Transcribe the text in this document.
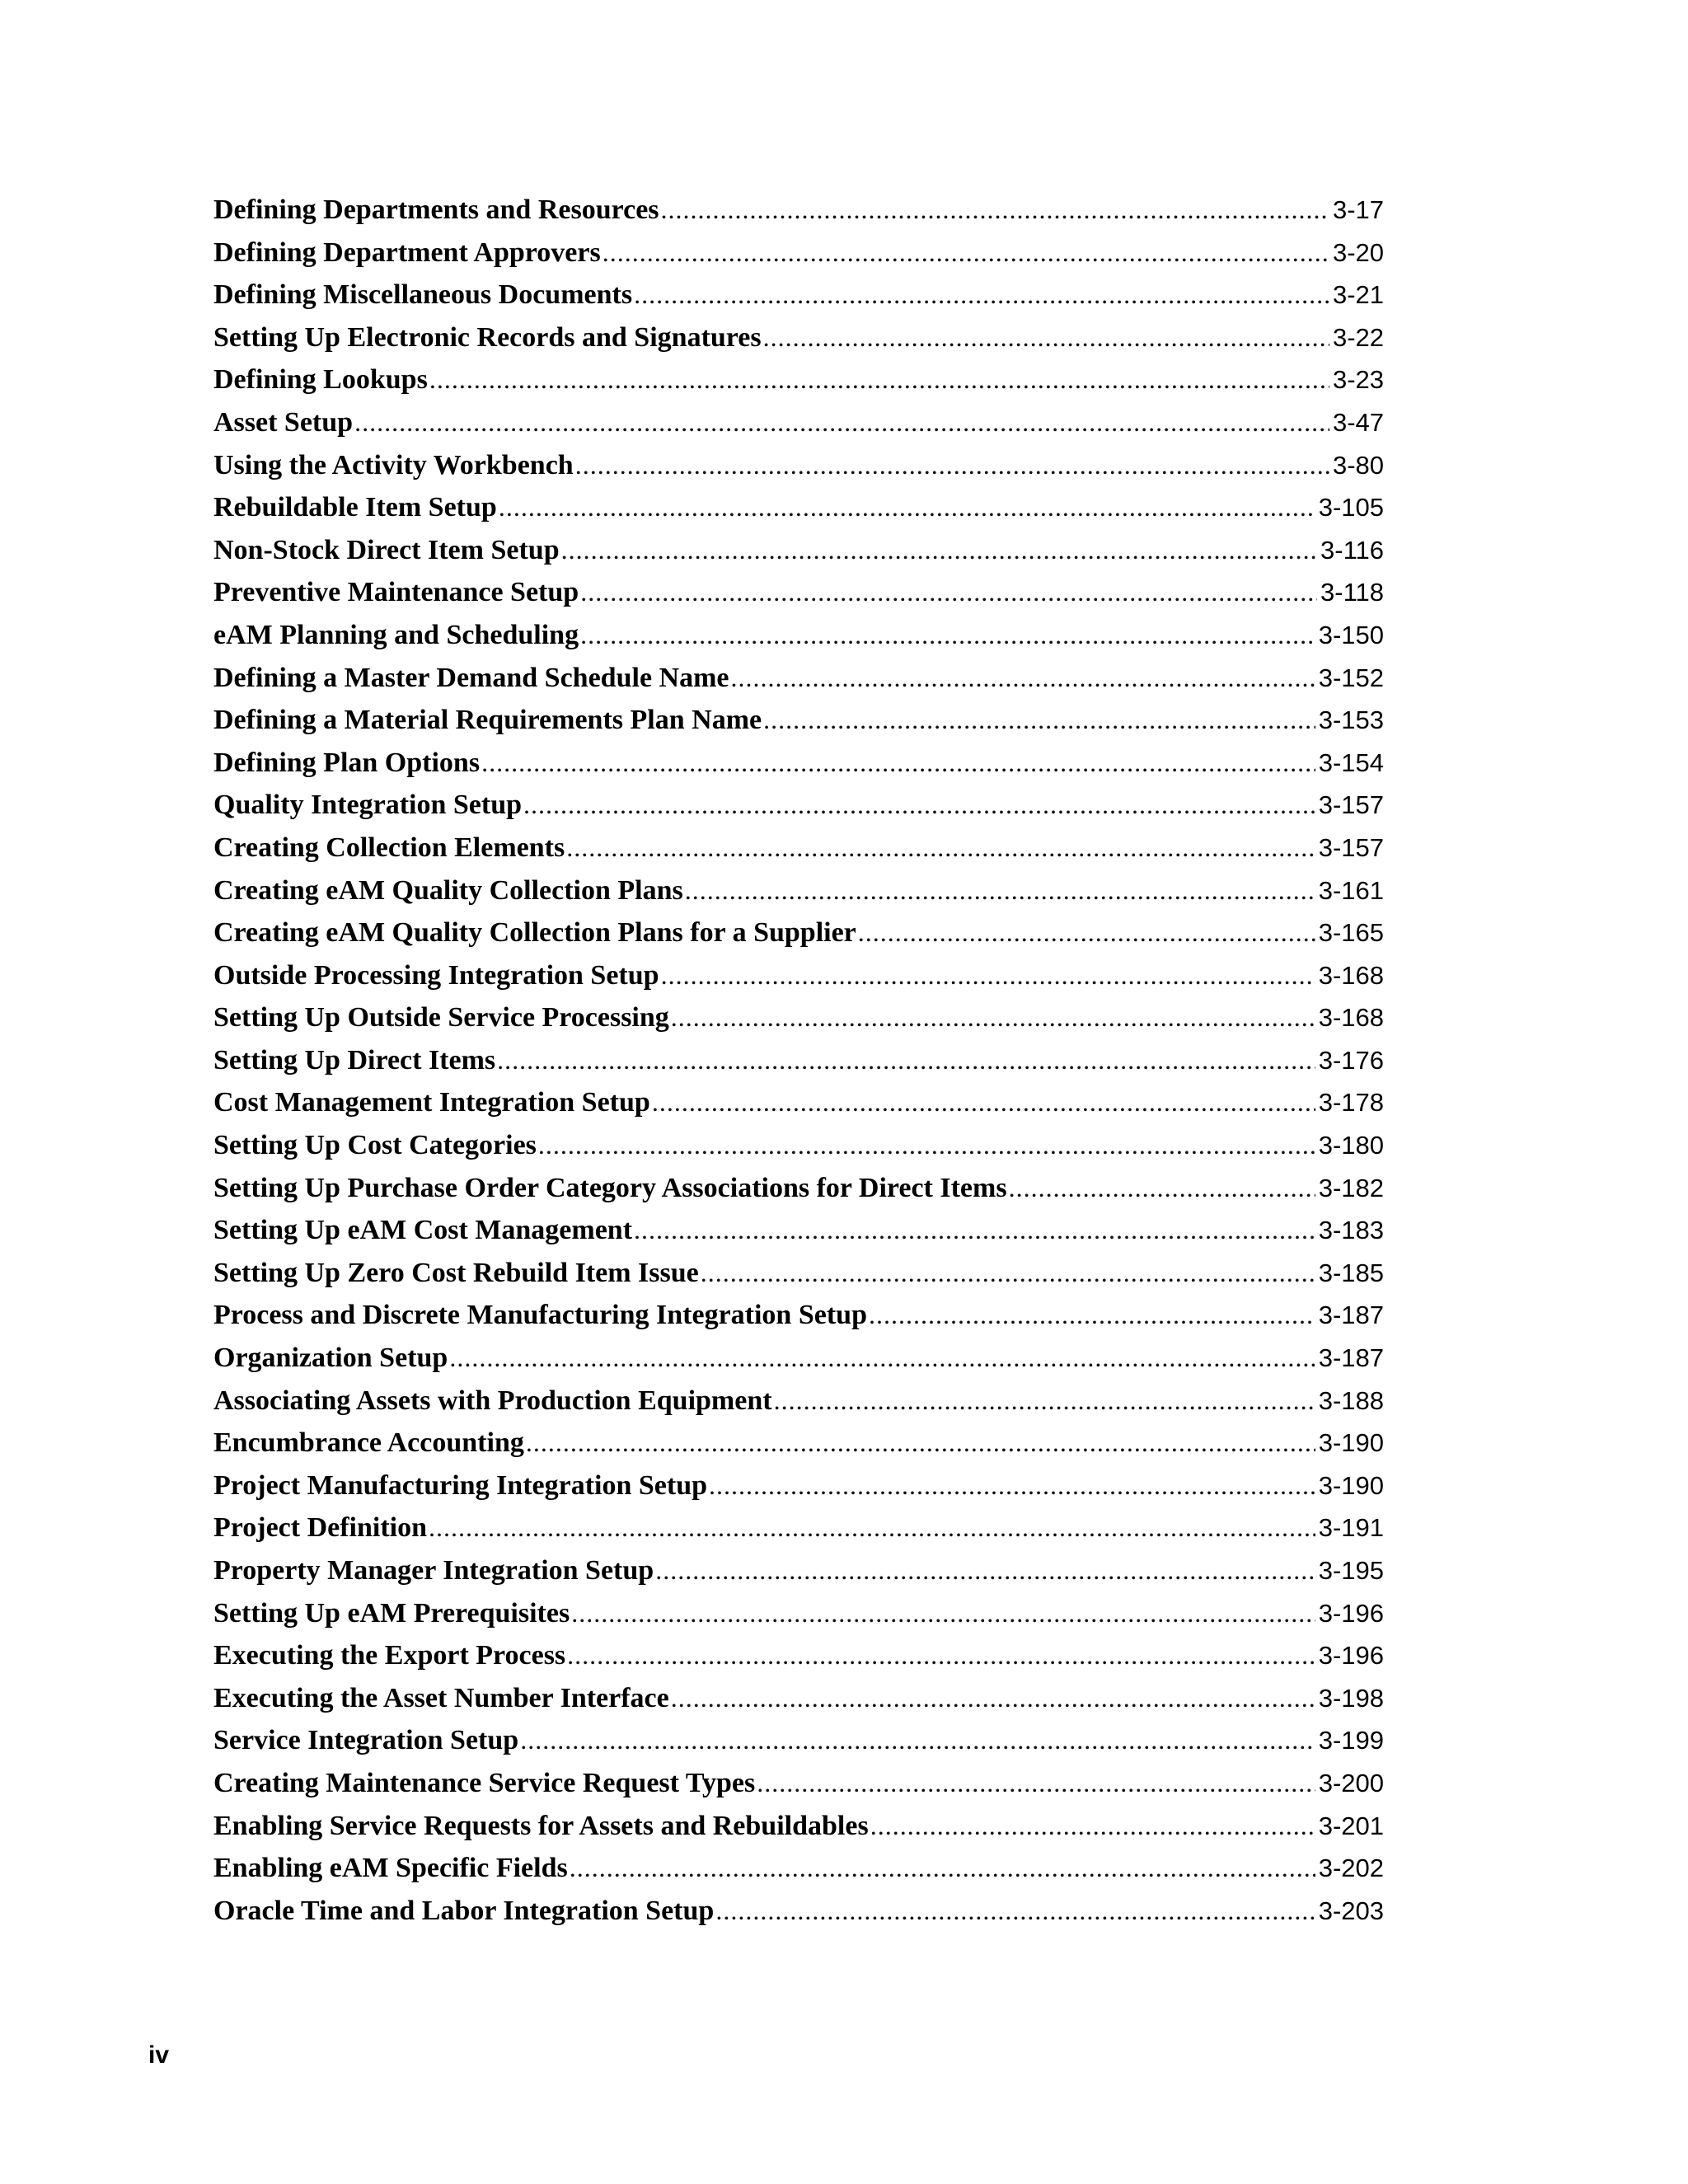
Defining Departments and Resources .....	3-17
Defining Department Approvers .....	3-20
Defining Miscellaneous Documents .....	3-21
Setting Up Electronic Records and Signatures .....	3-22
Defining Lookups .....	3-23
Asset Setup .....	3-47
Using the Activity Workbench .....	3-80
Rebuildable Item Setup .....	3-105
Non-Stock Direct Item Setup .....	3-116
Preventive Maintenance Setup .....	3-118
eAM Planning and Scheduling .....	3-150
Defining a Master Demand Schedule Name .....	3-152
Defining a Material Requirements Plan Name .....	3-153
Defining Plan Options .....	3-154
Quality Integration Setup .....	3-157
Creating Collection Elements .....	3-157
Creating eAM Quality Collection Plans .....	3-161
Creating eAM Quality Collection Plans for a Supplier .....	3-165
Outside Processing Integration Setup .....	3-168
Setting Up Outside Service Processing .....	3-168
Setting Up Direct Items .....	3-176
Cost Management Integration Setup .....	3-178
Setting Up Cost Categories .....	3-180
Setting Up Purchase Order Category Associations for Direct Items .....	3-182
Setting Up eAM Cost Management .....	3-183
Setting Up Zero Cost Rebuild Item Issue .....	3-185
Process and Discrete Manufacturing Integration Setup .....	3-187
Organization Setup .....	3-187
Associating Assets with Production Equipment .....	3-188
Encumbrance Accounting .....	3-190
Project Manufacturing Integration Setup .....	3-190
Project Definition .....	3-191
Property Manager Integration Setup .....	3-195
Setting Up eAM Prerequisites .....	3-196
Executing the Export Process .....	3-196
Executing the Asset Number Interface .....	3-198
Service Integration Setup .....	3-199
Creating Maintenance Service Request Types .....	3-200
Enabling Service Requests for Assets and Rebuildables .....	3-201
Enabling eAM Specific Fields .....	3-202
Oracle Time and Labor Integration Setup .....	3-203
iv
